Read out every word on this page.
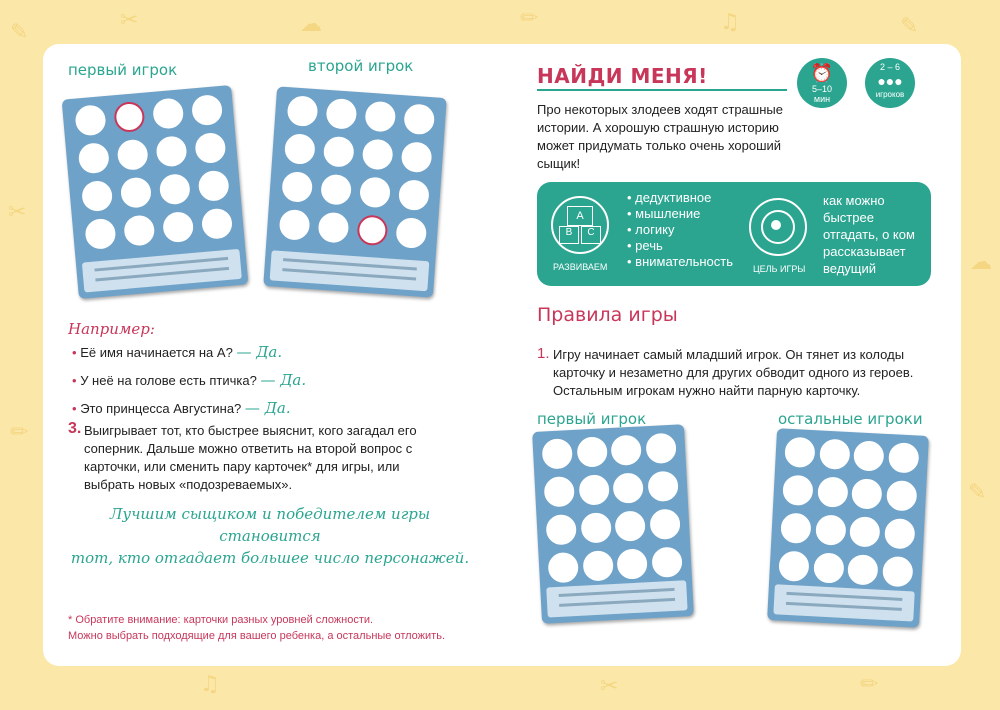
✎	✂	☁	✏	♫	✎
✂
✏
☁
✎
♫	✂	✏
первый игрок	второй игрок
Например:
• Её имя начинается на А? — Да.
• У неё на голове есть птичка? — Да.
• Это принцесса Августина? — Да.
3. Выигрывает тот, кто быстрее выяснит, кого загадал его соперник. Дальше можно ответить на второй вопрос с карточки, или сменить пару карточек* для игры, или выбрать новых «подозреваемых».
Лучшим сыщиком и победителем игры становится
тот, кто отгадает большее число персонажей.
* Обратите внимание: карточки разных уровней сложности.
Можно выбрать подходящие для вашего ребенка, а остальные отложить.
НАЙДИ МЕНЯ!	⏰
5–10
мин
2 – 6
●●●
игроков
Про некоторых злодеев ходят страшные истории. А хорошую страшную историю может придумать только очень хороший сыщик!
A
B	C
РАЗВИВАЕМ
• дедуктивное
• мышление
• логику
• речь
• внимательность ЦЕЛЬ ИГРЫ
как можно быстрее отгадать, о ком рассказывает ведущий
Правила игры
1. Игру начинает самый младший игрок. Он тянет из колоды карточку и незаметно для других обводит одного из героев. Остальным игрокам нужно найти парную карточку.
первый игрок	остальные игроки
